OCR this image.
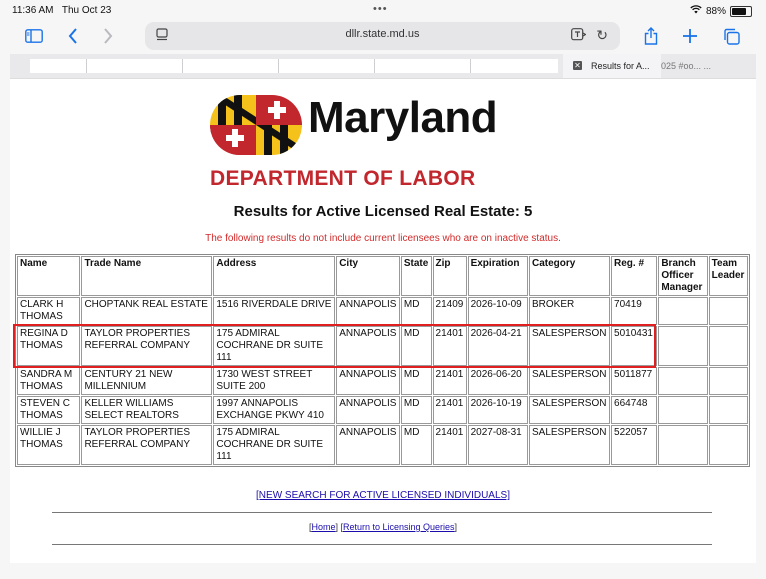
11:36 AM Thu Oct 23	•••	88%
dllr.state.md.us	↻
✕ Results for A... 025 #oo... ...
Maryland
DEPARTMENT OF LABOR
Results for Active Licensed Real Estate: 5
The following results do not include current licensees who are on inactive status.
Name	Trade Name	Address	City	State	Zip	Expiration	Category	Reg. #	Branch Officer Manager	Team Leader
CLARK H THOMAS	CHOPTANK REAL ESTATE	1516 RIVERDALE DRIVE	ANNAPOLIS	MD	21409	2026-10-09	BROKER	70419		
REGINA D THOMAS	TAYLOR PROPERTIES REFERRAL COMPANY	175 ADMIRAL COCHRANE DR SUITE 111	ANNAPOLIS	MD	21401	2026-04-21	SALESPERSON	5010431		
SANDRA M THOMAS	CENTURY 21 NEW MILLENNIUM	1730 WEST STREET SUITE 200	ANNAPOLIS	MD	21401	2026-06-20	SALESPERSON	5011877		
STEVEN C THOMAS	KELLER WILLIAMS SELECT REALTORS	1997 ANNAPOLIS EXCHANGE PKWY 410	ANNAPOLIS	MD	21401	2026-10-19	SALESPERSON	664748		
WILLIE J THOMAS	TAYLOR PROPERTIES REFERRAL COMPANY	175 ADMIRAL COCHRANE DR SUITE 111	ANNAPOLIS	MD	21401	2027-08-31	SALESPERSON	522057		
[NEW SEARCH FOR ACTIVE LICENSED INDIVIDUALS]
[Home] [Return to Licensing Queries]
